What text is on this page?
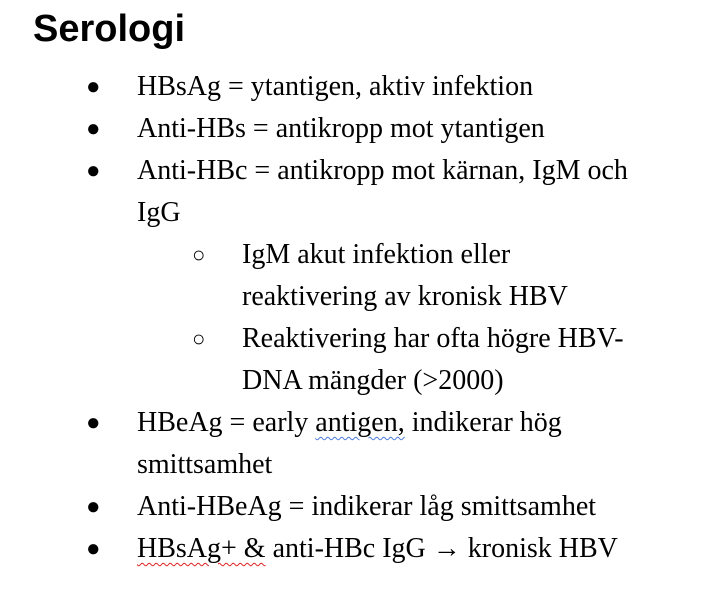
Serologi
● HBsAg = ytantigen, aktiv infektion
● Anti-HBs = antikropp mot ytantigen
● Anti-HBc = antikropp mot kärnan, IgM och IgG
○ IgM akut infektion eller reaktivering av kronisk HBV
○ Reaktivering har ofta högre HBV-DNA mängder (>2000)
● HBeAg = early antigen, indikerar hög smittsamhet
● Anti-HBeAg = indikerar låg smittsamhet
● HBsAg+ & anti-HBc IgG → kronisk HBV
